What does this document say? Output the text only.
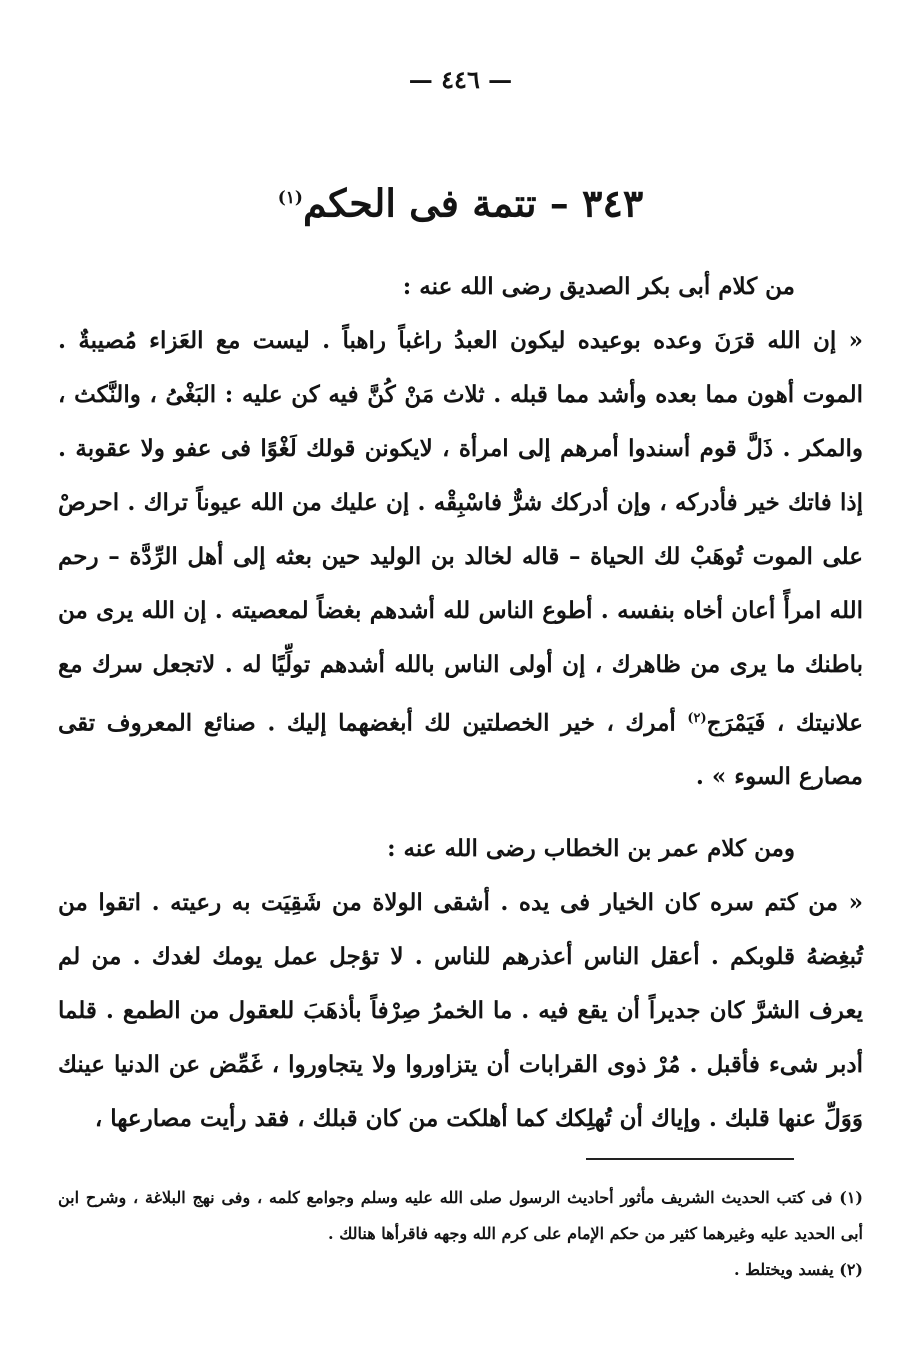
— ٤٤٦ —
٣٤٣ – تتمة فى الحكم$^{(١)}$

من كلام أبى بكر الصديق رضى الله عنه :

« إن الله قرَنَ وعده بوعيده ليكون العبدُ راغباً راهباً . ليست مع العَزاء مُصيبةٌ . الموت أهون مما بعده وأشد مما قبله . ثلاث مَنْ كُنَّ فيه كن عليه : البَغْىُ ، والنَّكث ، والمكر . ذَلَّ قوم أسندوا أمرهم إلى امرأة ، لايكونن قولك لَغْوًا فى عفو ولا عقوبة . إذا فاتك خير فأدركه ، وإن أدركك شرٌّ فاسْبِقْه . إن عليك من الله عيوناً تراك . احرصْ على الموت تُوهَبْ لك الحياة – قاله لخالد بن الوليد حين بعثه إلى أهل الرِّدَّة – رحم الله امرأً أعان أخاه بنفسه . أطوع الناس لله أشدهم بغضاً لمعصيته . إن الله يرى من باطنك ما يرى من ظاهرك ، إن أولى الناس بالله أشدهم تولِّيًا له . لاتجعل سرك مع علانيتك ، فَيَمْرَج$^{(٢)}$ أمرك ، خير الخصلتين لك أبغضهما إليك . صنائع المعروف تقى مصارع السوء » .

ومن كلام عمر بن الخطاب رضى الله عنه :

« من كتم سره كان الخيار فى يده . أشقى الولاة من شَقِيَت به رعيته . اتقوا من تُبغِضهُ قلوبكم . أعقل الناس أعذرهم للناس . لا تؤجل عمل يومك لغدك . من لم يعرف الشرَّ كان جديراً أن يقع فيه . ما الخمرُ صِرْفاً بأذهَبَ للعقول من الطمع . قلما أدبر شىء فأقبل . مُرْ ذوى القرابات أن يتزاوروا ولا يتجاوروا ، غَمِّض عن الدنيا عينك وَوَلِّ عنها قلبك . وإياك أن تُهلِكك كما أهلكت من كان قبلك ، فقد رأيت مصارعها ،

(١) فى كتب الحديث الشريف مأثور أحاديث الرسول صلى الله عليه وسلم وجوامع كلمه ، وفى نهج البلاغة ، وشرح ابن أبى الحديد عليه وغيرهما كثير من حكم الإمام على كرم الله وجهه فاقرأها هنالك .

(٢) يفسد ويختلط .
